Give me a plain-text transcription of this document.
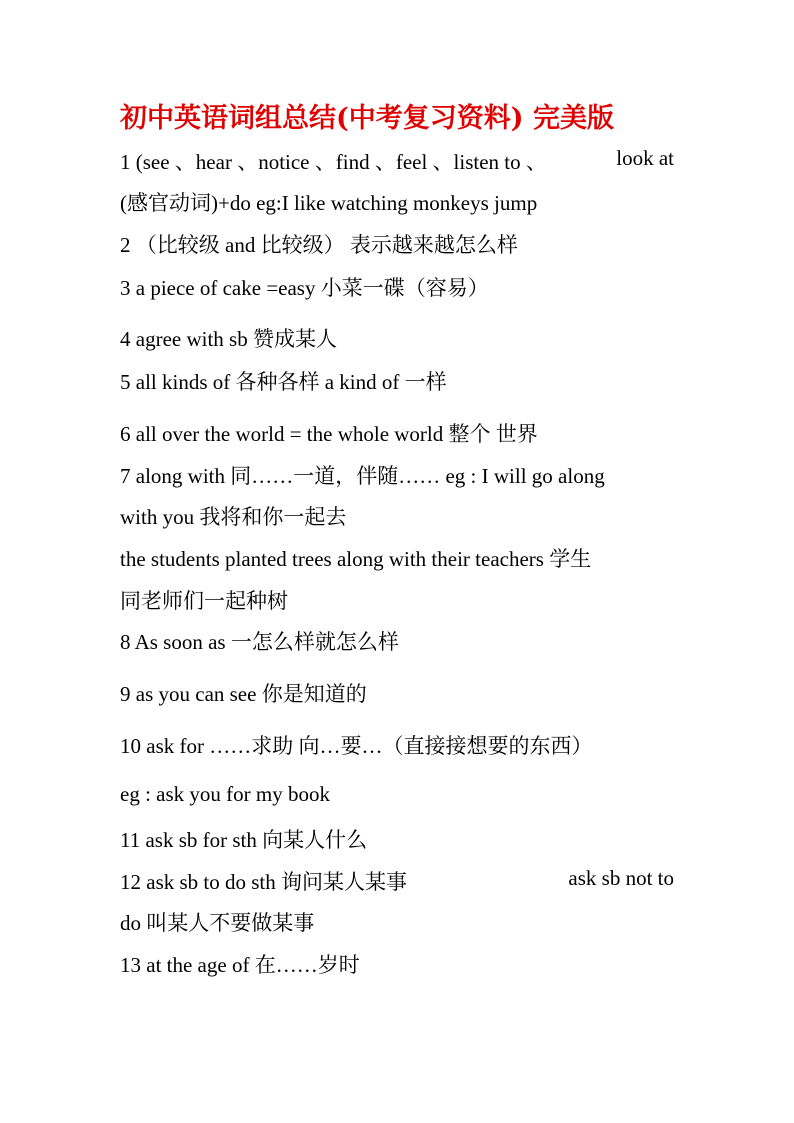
初中英语词组总结(中考复习资料) 完美版
1 (see 、hear 、notice 、find 、feel 、listen to 、	look at
(感官动词)+do eg:I like watching monkeys jump
2 （比较级 and 比较级） 表示越来越怎么样
3 a piece of cake =easy 小菜一碟（容易）
4 agree with sb 赞成某人
5 all kinds of 各种各样 a kind of 一样
6 all over the world = the whole world 整个 世界
7 along with 同……一道，伴随…… eg : I will go along
with you 我将和你一起去
the students planted trees along with their teachers 学生
同老师们一起种树
8 As soon as 一怎么样就怎么样
9 as you can see 你是知道的
10 ask for ……求助 向…要…（直接接想要的东西）
eg : ask you for my book
11 ask sb for sth 向某人什么
12 ask sb to do sth 询问某人某事	ask sb not to
do 叫某人不要做某事
13 at the age of 在……岁时
